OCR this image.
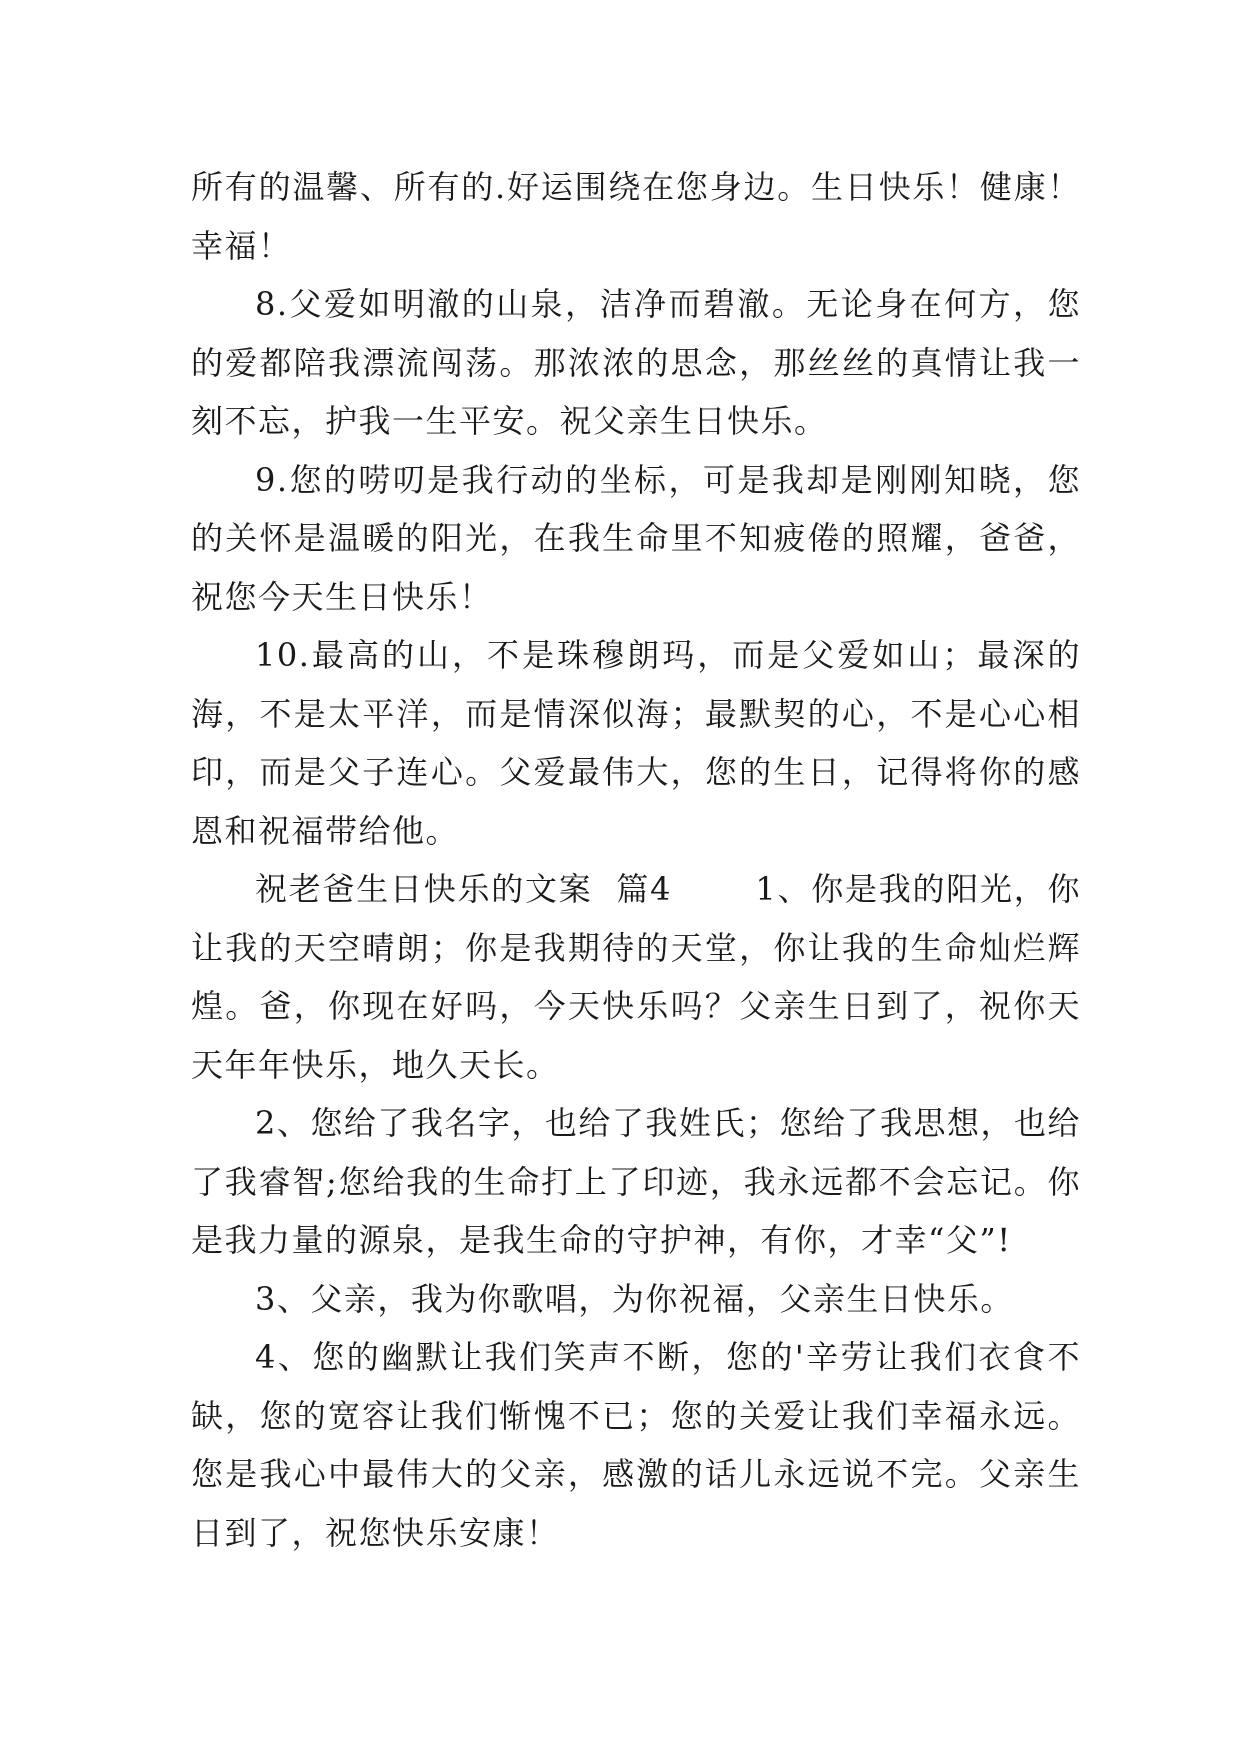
所有的温馨、所有的.好运围绕在您身边。生日快乐！健康！幸福！

8.父爱如明澈的山泉，洁净而碧澈。无论身在何方，您的爱都陪我漂流闯荡。那浓浓的思念，那丝丝的真情让我一刻不忘，护我一生平安。祝父亲生日快乐。

9.您的唠叨是我行动的坐标，可是我却是刚刚知晓，您的关怀是温暖的阳光，在我生命里不知疲倦的照耀，爸爸，祝您今天生日快乐！

10.最高的山，不是珠穆朗玛，而是父爱如山；最深的海，不是太平洋，而是情深似海；最默契的心，不是心心相印，而是父子连心。父爱最伟大，您的生日，记得将你的感恩和祝福带给他。

祝老爸生日快乐的文案  篇4       1、你是我的阳光，你让我的天空晴朗；你是我期待的天堂，你让我的生命灿烂辉煌。爸，你现在好吗，今天快乐吗？父亲生日到了，祝你天天年年快乐，地久天长。

2、您给了我名字，也给了我姓氏；您给了我思想，也给了我睿智;您给我的生命打上了印迹，我永远都不会忘记。你是我力量的源泉，是我生命的守护神，有你，才幸“父”!

3、父亲，我为你歌唱，为你祝福，父亲生日快乐。

4、您的幽默让我们笑声不断，您的'辛劳让我们衣食不缺，您的宽容让我们惭愧不已；您的关爱让我们幸福永远。您是我心中最伟大的父亲，感激的话儿永远说不完。父亲生日到了，祝您快乐安康！
